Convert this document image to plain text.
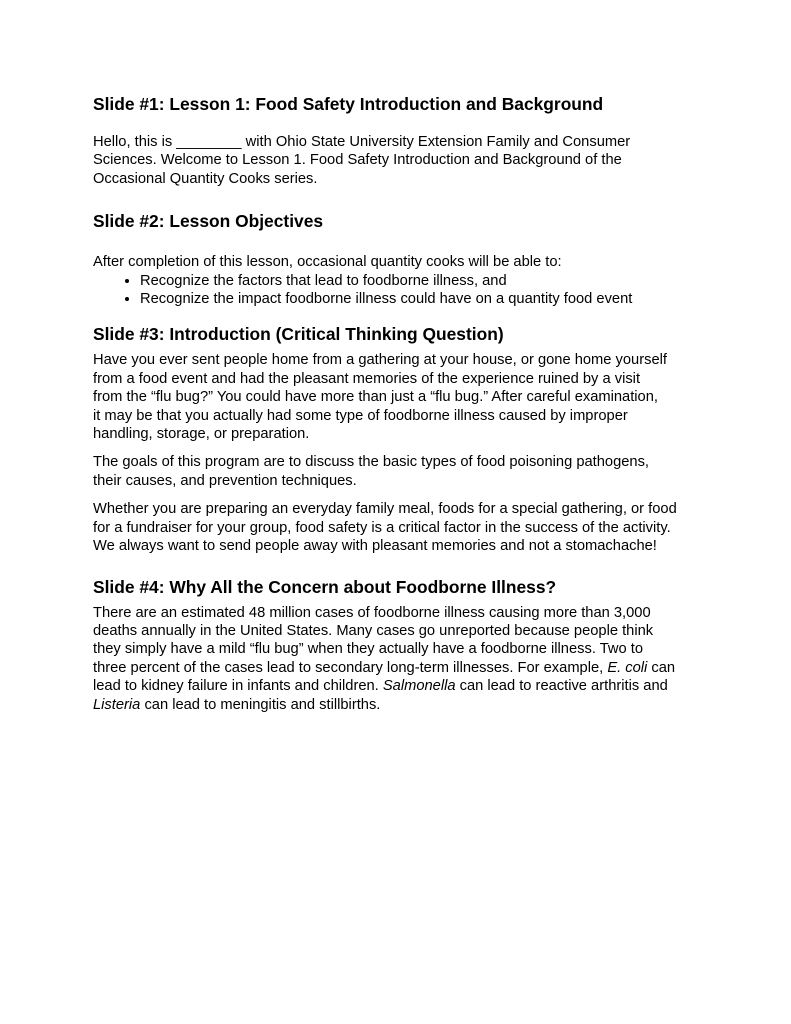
Slide #1: Lesson 1: Food Safety Introduction and Background

Hello, this is ________ with Ohio State University Extension Family and Consumer
Sciences. Welcome to Lesson 1. Food Safety Introduction and Background of the
Occasional Quantity Cooks series.

Slide #2: Lesson Objectives

After completion of this lesson, occasional quantity cooks will be able to:

• Recognize the factors that lead to foodborne illness, and
• Recognize the impact foodborne illness could have on a quantity food event
Slide #3: Introduction (Critical Thinking Question)

Have you ever sent people home from a gathering at your house, or gone home yourself
from a food event and had the pleasant memories of the experience ruined by a visit
from the “flu bug?” You could have more than just a “flu bug.” After careful examination,
it may be that you actually had some type of foodborne illness caused by improper
handling, storage, or preparation.

The goals of this program are to discuss the basic types of food poisoning pathogens,
their causes, and prevention techniques.

Whether you are preparing an everyday family meal, foods for a special gathering, or food
for a fundraiser for your group, food safety is a critical factor in the success of the activity.
We always want to send people away with pleasant memories and not a stomachache!

Slide #4: Why All the Concern about Foodborne Illness?

There are an estimated 48 million cases of foodborne illness causing more than 3,000
deaths annually in the United States. Many cases go unreported because people think
they simply have a mild “flu bug” when they actually have a foodborne illness. Two to
three percent of the cases lead to secondary long-term illnesses. For example, E. coli can
lead to kidney failure in infants and children. Salmonella can lead to reactive arthritis and
Listeria can lead to meningitis and stillbirths.
